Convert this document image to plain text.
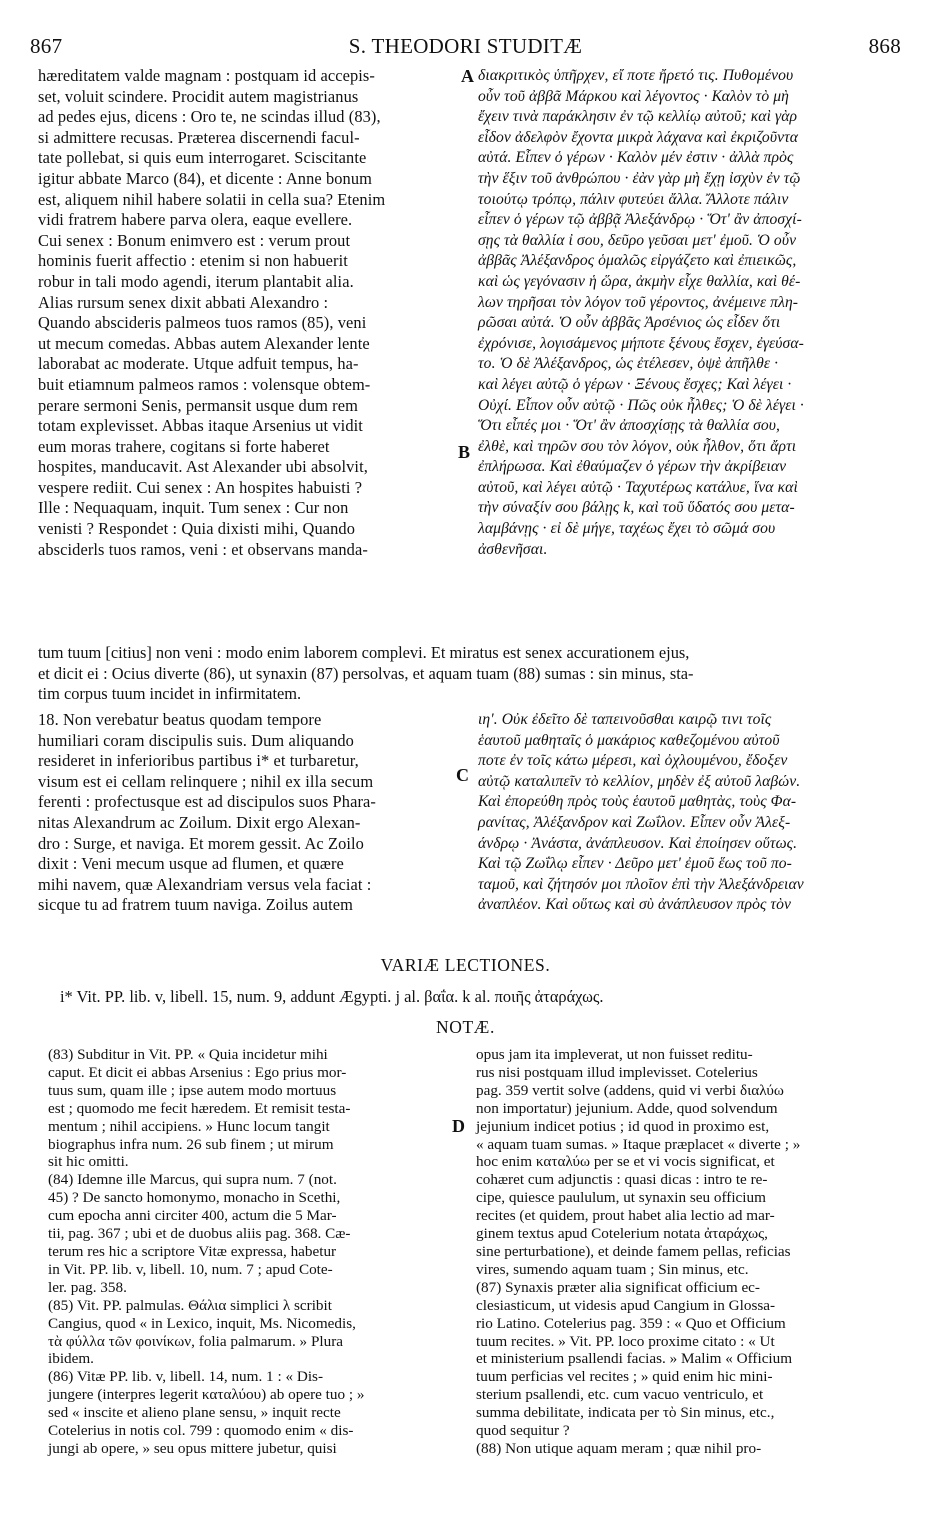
867	S. THEODORI STUDITÆ	868
hæreditatem valde magnam : postquam id accepis-
set, voluit scindere. Procidit autem magistrianus
ad pedes ejus, dicens : Oro te, ne scindas illud (83),
si admittere recusas. Præterea discernendi facul-
tate pollebat, si quis eum interrogaret. Sciscitante
igitur abbate Marco (84), et dicente : Anne bonum
est, aliquem nihil habere solatii in cella sua? Etenim
vidi fratrem habere parva olera, eaque evellere.
Cui senex : Bonum enimvero est : verum prout
hominis fuerit affectio : etenim si non habuerit
robur in tali modo agendi, iterum plantabit alia.
Alias rursum senex dixit abbati Alexandro :
Quando abscideris palmeos tuos ramos (85), veni
ut mecum comedas. Abbas autem Alexander lente
laborabat ac moderate. Utque adfuit tempus, ha-
buit etiamnum palmeos ramos : volensque obtem-
perare sermoni Senis, permansit usque dum rem
totam explevisset. Abbas itaque Arsenius ut vidit
eum moras trahere, cogitans si forte haberet
hospites, manducavit. Ast Alexander ubi absolvit,
vespere rediit. Cui senex : An hospites habuisti ?
Ille : Nequaquam, inquit. Tum senex : Cur non
venisti ? Respondet : Quia dixisti mihi, Quando
absciderls tuos ramos, veni : et observans manda-
διακριτικὸς ὑπῆρχεν, εἴ ποτε ἤρετό τις. Πυθομένου
οὖν τοῦ ἀββᾶ Μάρκου καὶ λέγοντος · Καλὸν τὸ μὴ
ἔχειν τινὰ παράκλησιν ἐν τῷ κελλίῳ αὐτοῦ; καὶ γὰρ
εἶδον ἀδελφὸν ἔχοντα μικρὰ λάχανα καὶ ἐκριζοῦντα
αὐτά. Εἶπεν ὁ γέρων · Καλὸν μέν ἐστιν · ἀλλὰ πρὸς
τὴν ἕξιν τοῦ ἀνθρώπου · ἐὰν γὰρ μὴ ἔχῃ ἰσχὺν ἐν τῷ
τοιούτῳ τρόπῳ, πάλιν φυτεύει ἄλλα. Ἄλλοτε πάλιν
εἶπεν ὁ γέρων τῷ ἀββᾷ Ἀλεξάνδρῳ · Ὅτ' ἂν ἀποσχί-
σῃς τὰ θαλλία ἰ σου, δεῦρο γεῦσαι μετ' ἐμοῦ. Ὁ οὖν
ἀββᾶς Ἀλέξανδρος ὁμαλῶς εἰργάζετο καὶ ἐπιεικῶς,
καὶ ὡς γεγόνασιν ἡ ὥρα, ἀκμὴν εἶχε θαλλία, καὶ θέ-
λων τηρῆσαι τὸν λόγον τοῦ γέροντος, ἀνέμεινε πλη-
ρῶσαι αὐτά. Ὁ οὖν ἀββᾶς Ἀρσένιος ὡς εἶδεν ὅτι
ἐχρόνισε, λογισάμενος μήποτε ξένους ἔσχεν, ἐγεύσα-
το. Ὁ δὲ Ἀλέξανδρος, ὡς ἐτέλεσεν, ὀψὲ ἀπῆλθε ·
καὶ λέγει αὐτῷ ὁ γέρων · Ξένους ἔσχες; Καὶ λέγει ·
Οὐχί. Εἶπον οὖν αὐτῷ · Πῶς οὐκ ἦλθες; Ὁ δὲ λέγει ·
Ὅτι εἶπές μοι · Ὅτ' ἂν ἀποσχίσῃς τὰ θαλλία σου,
ἐλθὲ, καὶ τηρῶν σου τὸν λόγον, οὐκ ἦλθον, ὅτι ἄρτι
ἐπλήρωσα. Καὶ ἐθαύμαζεν ὁ γέρων τὴν ἀκρίβειαν
αὐτοῦ, καὶ λέγει αὐτῷ · Ταχυτέρως κατάλυε, ἵνα καὶ
τὴν σύναξίν σου βάλῃς k, καὶ τοῦ ὕδατός σου μετα-
λαμβάνῃς · εἰ δὲ μήγε, ταχέως ἔχει τὸ σῶμά σου
ἀσθενῆσαι.
A
B
C
D
tum tuum [citius] non veni : modo enim laborem complevi. Et miratus est senex accurationem ejus,
et dicit ei : Ocius diverte (86), ut synaxin (87) persolvas, et aquam tuam (88) sumas : sin minus, sta-
tim corpus tuum incidet in infirmitatem.
18. Non verebatur beatus quodam tempore
humiliari coram discipulis suis. Dum aliquando
resideret in inferioribus partibus i* et turbaretur,
visum est ei cellam relinquere ; nihil ex illa secum
ferenti : profectusque est ad discipulos suos Phara-
nitas Alexandrum ac Zoilum. Dixit ergo Alexan-
dro : Surge, et naviga. Et morem gessit. Ac Zoilo
dixit : Veni mecum usque ad flumen, et quære
mihi navem, quæ Alexandriam versus vela faciat :
sicque tu ad fratrem tuum naviga. Zoilus autem
ιη'. Οὐκ ἐδεῖτο δὲ ταπεινοῦσθαι καιρῷ τινι τοῖς
ἑαυτοῦ μαθηταῖς ὁ μακάριος καθεζομένου αὐτοῦ
ποτε ἐν τοῖς κάτω μέρεσι, καὶ ὀχλουμένου, ἔδοξεν
αὐτῷ καταλιπεῖν τὸ κελλίον, μηδὲν ἐξ αὐτοῦ λαβών.
Καὶ ἐπορεύθη πρὸς τοὺς ἑαυτοῦ μαθητὰς, τοὺς Φα-
ρανίτας, Ἀλέξανδρον καὶ Ζωΐλον. Εἶπεν οὖν Ἀλεξ-
άνδρῳ · Ἀνάστα, ἀνάπλευσον. Καὶ ἐποίησεν οὕτως.
Καὶ τῷ Ζωΐλῳ εἶπεν · Δεῦρο μετ' ἐμοῦ ἕως τοῦ πο-
ταμοῦ, καὶ ζήτησόν μοι πλοῖον ἐπὶ τὴν Ἀλεξάνδρειαν
ἀναπλέον. Καὶ οὕτως καὶ σὺ ἀνάπλευσον πρὸς τὸν
VARIÆ LECTIONES.
i* Vit. PP. lib. v, libell. 15, num. 9, addunt Ægypti. j al. βαΐα. k al. ποιῆς ἀταράχως.
NOTÆ.
(83) Subditur in Vit. PP. « Quia incidetur mihi
caput. Et dicit ei abbas Arsenius : Ego prius mor-
tuus sum, quam ille ; ipse autem modo mortuus
est ; quomodo me fecit hæredem. Et remisit testa-
mentum ; nihil accipiens. » Hunc locum tangit
biographus infra num. 26 sub finem ; ut mirum
sit hic omitti.
(84) Idemne ille Marcus, qui supra num. 7 (not.
45) ? De sancto homonymo, monacho in Scethi,
cum epocha anni circiter 400, actum die 5 Mar-
tii, pag. 367 ; ubi et de duobus aliis pag. 368. Cæ-
terum res hic a scriptore Vitæ expressa, habetur
in Vit. PP. lib. v, libell. 10, num. 7 ; apud Cote-
ler. pag. 358.
(85) Vit. PP. palmulas. Θάλια simplici λ scribit
Cangius, quod « in Lexico, inquit, Ms. Nicomedis,
τὰ φύλλα τῶν φοινίκων, folia palmarum. » Plura
ibidem.
(86) Vitæ PP. lib. v, libell. 14, num. 1 : « Dis-
jungere (interpres legerit καταλύου) ab opere tuo ; »
sed « inscite et alieno plane sensu, » inquit recte
Cotelerius in notis col. 799 : quomodo enim « dis-
jungi ab opere, » seu opus mittere jubetur, quisi
opus jam ita impleverat, ut non fuisset reditu-
rus nisi postquam illud implevisset. Cotelerius
pag. 359 vertit solve (addens, quid vi verbi διαλύω
non importatur) jejunium. Adde, quod solvendum
jejunium indicet potius ; id quod in proximo est,
« aquam tuam sumas. » Itaque præplacet « diverte ; »
hoc enim καταλύω per se et vi vocis significat, et
cohæret cum adjunctis : quasi dicas : intro te re-
cipe, quiesce paululum, ut synaxin seu officium
recites (et quidem, prout habet alia lectio ad mar-
ginem textus apud Cotelerium notata ἀταράχως,
sine perturbatione), et deinde famem pellas, reficias
vires, sumendo aquam tuam ; Sin minus, etc.
(87) Synaxis præter alia significat officium ec-
clesiasticum, ut videsis apud Cangium in Glossa-
rio Latino. Cotelerius pag. 359 : « Quo et Officium
tuum recites. » Vit. PP. loco proxime citato : « Ut
et ministerium psallendi facias. » Malim « Officium
tuum perficias vel recites ; » quid enim hic mini-
sterium psallendi, etc. cum vacuo ventriculo, et
summa debilitate, indicata per τὸ Sin minus, etc.,
quod sequitur ?
(88) Non utique aquam meram ; quæ nihil pro-
